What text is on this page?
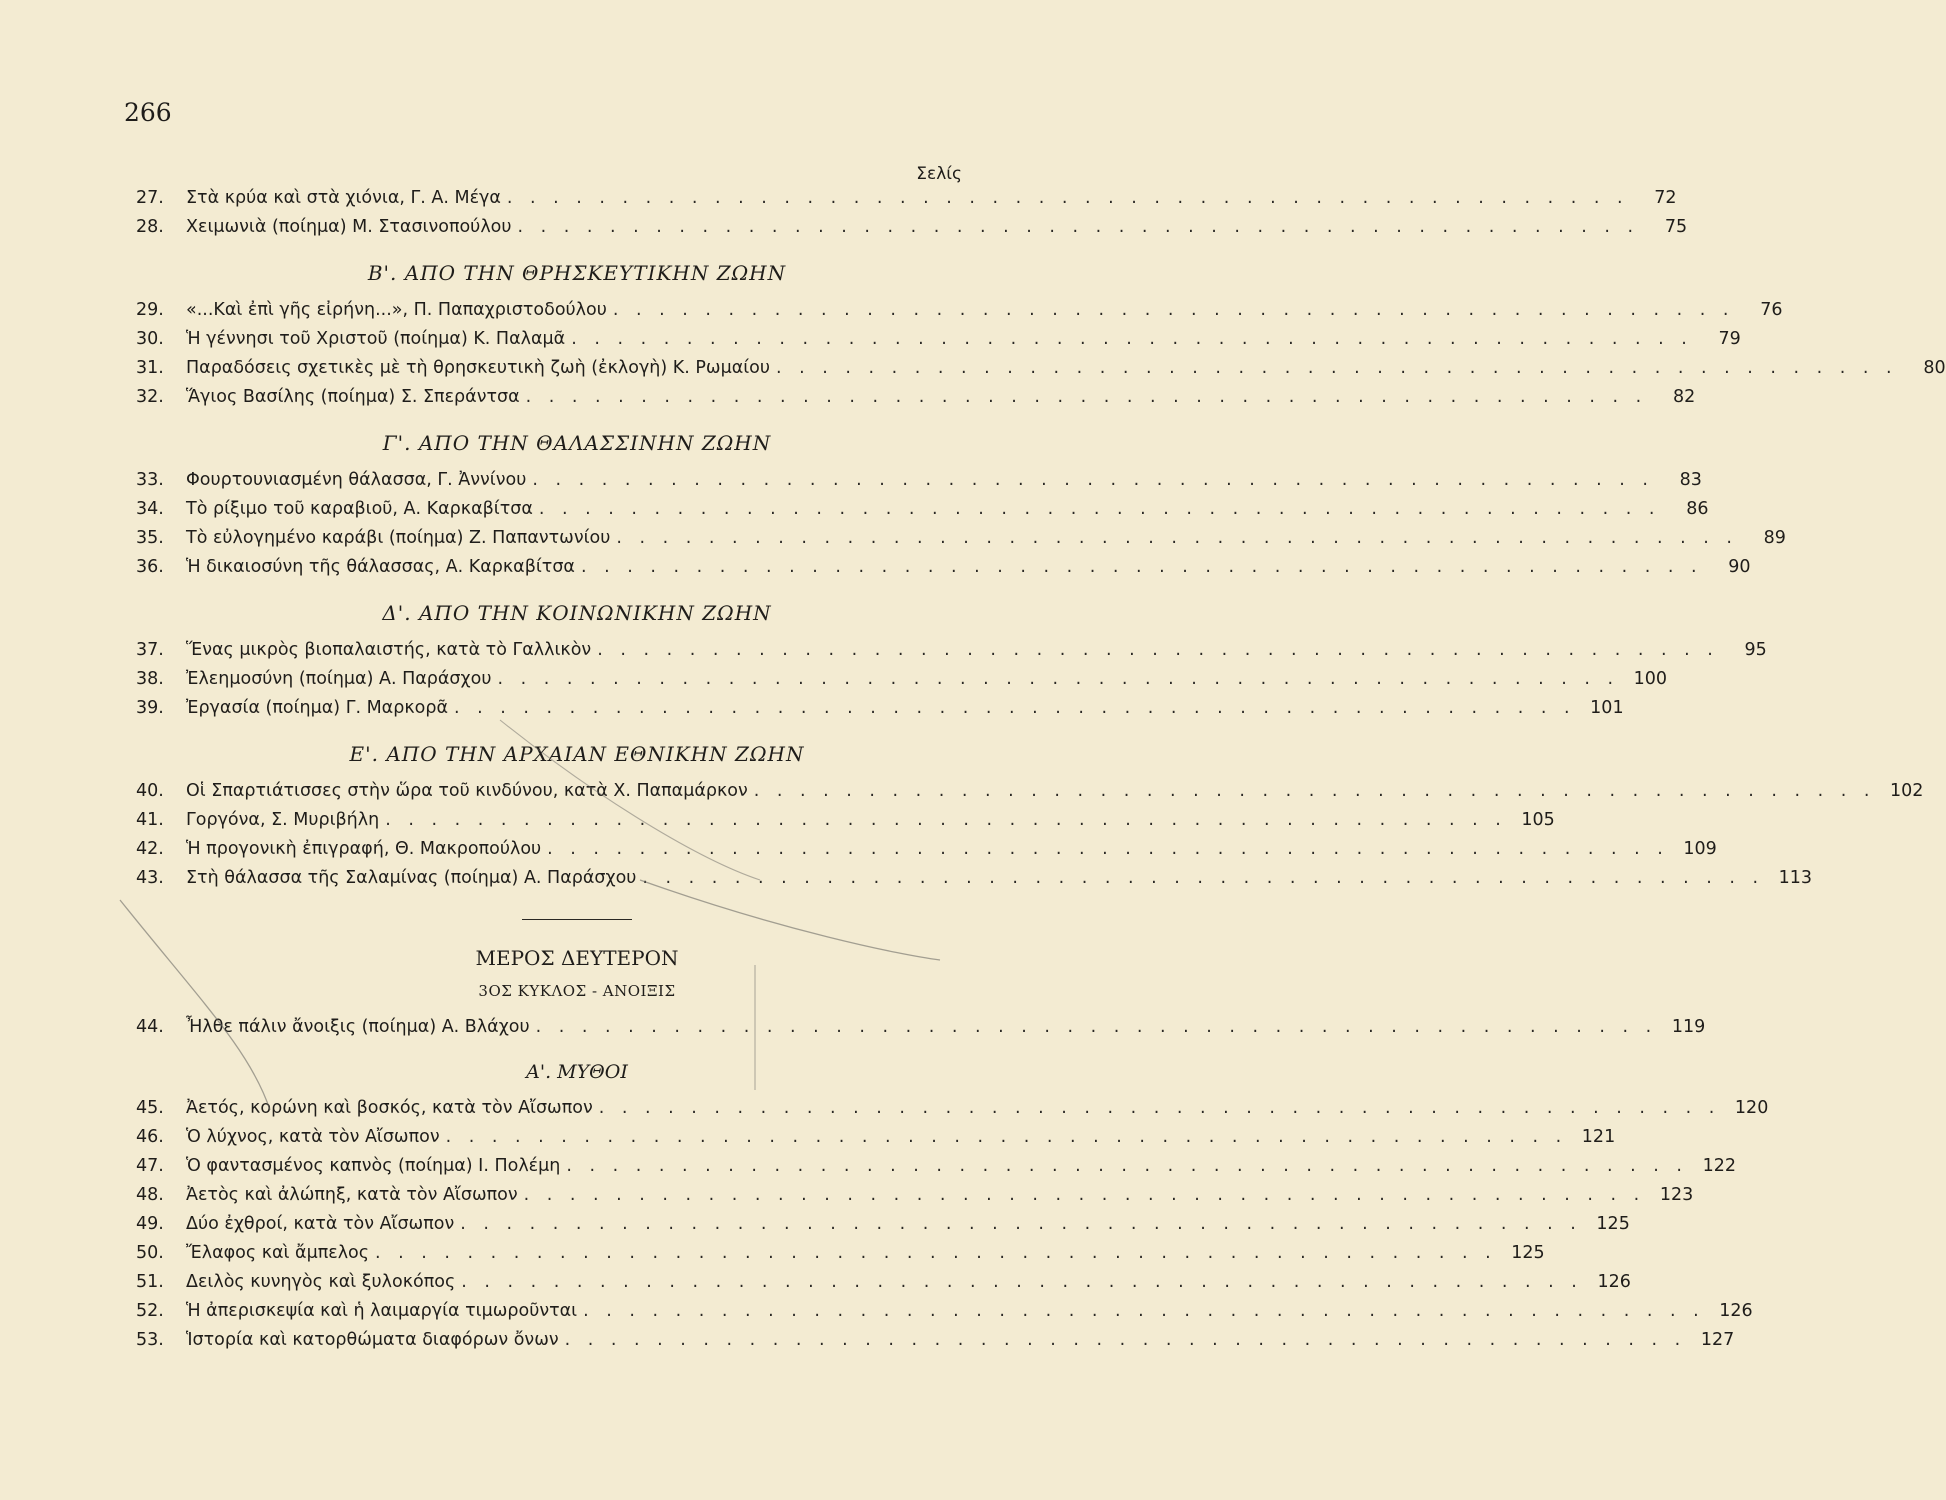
266
Σελίς
27.	Στὰ κρύα καὶ στὰ χιόνια, Γ. Α. Μέγα . . . . . . . . . . . . . . . . . . . . . . . . . . . . . . . . . . . . . . . . . . . . . . . . .	72
28.	Χειμωνιὰ (ποίημα) Μ. Στασινοπούλου . . . . . . . . . . . . . . . . . . . . . . . . . . . . . . . . . . . . . . . . . . . . . . . . .	75
Β'. ΑΠΟ ΤΗΝ ΘΡΗΣΚΕΥΤΙΚΗΝ ΖΩΗΝ
29.	«...Καὶ ἐπὶ γῆς εἰρήνη...», Π. Παπαχριστοδούλου . . . . . . . . . . . . . . . . . . . . . . . . . . . . . . . . . . . . . . . . . . . . . . . . .	76
30.	Ἡ γέννησι τοῦ Χριστοῦ (ποίημα) Κ. Παλαμᾶ . . . . . . . . . . . . . . . . . . . . . . . . . . . . . . . . . . . . . . . . . . . . . . . . .	79
31.	Παραδόσεις σχετικὲς μὲ τὴ θρησκευτικὴ ζωὴ (ἐκλογὴ) Κ. Ρωμαίου . . . . . . . . . . . . . . . . . . . . . . . . . . . . . . . . . . . . . . . . . . . . . . . . .	80
32.	Ἅγιος Βασίλης (ποίημα) Σ. Σπεράντσα . . . . . . . . . . . . . . . . . . . . . . . . . . . . . . . . . . . . . . . . . . . . . . . . .	82
Γ'. ΑΠΟ ΤΗΝ ΘΑΛΑΣΣΙΝΗΝ ΖΩΗΝ
33.	Φουρτουνιασμένη θάλασσα, Γ. Ἀννίνου . . . . . . . . . . . . . . . . . . . . . . . . . . . . . . . . . . . . . . . . . . . . . . . . .	83
34.	Τὸ ρίξιμο τοῦ καραβιοῦ, Α. Καρκαβίτσα . . . . . . . . . . . . . . . . . . . . . . . . . . . . . . . . . . . . . . . . . . . . . . . . .	86
35.	Τὸ εὐλογημένο καράβι (ποίημα) Ζ. Παπαντωνίου . . . . . . . . . . . . . . . . . . . . . . . . . . . . . . . . . . . . . . . . . . . . . . . . .	89
36.	Ἡ δικαιοσύνη τῆς θάλασσας, Α. Καρκαβίτσα . . . . . . . . . . . . . . . . . . . . . . . . . . . . . . . . . . . . . . . . . . . . . . . . .	90
Δ'. ΑΠΟ ΤΗΝ ΚΟΙΝΩΝΙΚΗΝ ΖΩΗΝ
37.	Ἕνας μικρὸς βιοπαλαιστής, κατὰ τὸ Γαλλικὸν . . . . . . . . . . . . . . . . . . . . . . . . . . . . . . . . . . . . . . . . . . . . . . . . .	95
38.	Ἐλεημοσύνη (ποίημα) Α. Παράσχου . . . . . . . . . . . . . . . . . . . . . . . . . . . . . . . . . . . . . . . . . . . . . . . . . 100
39.	Ἐργασία (ποίημα) Γ. Μαρκορᾶ . . . . . . . . . . . . . . . . . . . . . . . . . . . . . . . . . . . . . . . . . . . . . . . . . 101
Ε'. ΑΠΟ ΤΗΝ ΑΡΧΑΙΑΝ ΕΘΝΙΚΗΝ ΖΩΗΝ
40.	Οἱ Σπαρτιάτισσες στὴν ὥρα τοῦ κινδύνου, κατὰ Χ. Παπαμάρκον . . . . . . . . . . . . . . . . . . . . . . . . . . . . . . . . . . . . . . . . . . . . . . . . . 102
41.	Γοργόνα, Σ. Μυριβήλη . . . . . . . . . . . . . . . . . . . . . . . . . . . . . . . . . . . . . . . . . . . . . . . . . 105
42.	Ἡ προγονικὴ ἐπιγραφή, Θ. Μακροπούλου . . . . . . . . . . . . . . . . . . . . . . . . . . . . . . . . . . . . . . . . . . . . . . . . . 109
43.	Στὴ θάλασσα τῆς Σαλαμίνας (ποίημα) Α. Παράσχου . . . . . . . . . . . . . . . . . . . . . . . . . . . . . . . . . . . . . . . . . . . . . . . . . 113
ΜΕΡΟΣ ΔΕΥΤΕΡΟΝ
3ΟΣ ΚΥΚΛΟΣ - ΑΝΟΙΞΙΣ
44.	Ἦλθε πάλιν ἄνοιξις (ποίημα) Α. Βλάχου . . . . . . . . . . . . . . . . . . . . . . . . . . . . . . . . . . . . . . . . . . . . . . . . . 119
Α'. ΜΥΘΟΙ
45.	Ἀετός, κορώνη καὶ βοσκός, κατὰ τὸν Αἴσωπον . . . . . . . . . . . . . . . . . . . . . . . . . . . . . . . . . . . . . . . . . . . . . . . . . 120
46.	Ὁ λύχνος, κατὰ τὸν Αἴσωπον . . . . . . . . . . . . . . . . . . . . . . . . . . . . . . . . . . . . . . . . . . . . . . . . . 121
47.	Ὁ φαντασμένος καπνὸς (ποίημα) Ι. Πολέμη . . . . . . . . . . . . . . . . . . . . . . . . . . . . . . . . . . . . . . . . . . . . . . . . . 122
48.	Ἀετὸς καὶ ἀλώπηξ, κατὰ τὸν Αἴσωπον . . . . . . . . . . . . . . . . . . . . . . . . . . . . . . . . . . . . . . . . . . . . . . . . . 123
49.	Δύο ἐχθροί, κατὰ τὸν Αἴσωπον . . . . . . . . . . . . . . . . . . . . . . . . . . . . . . . . . . . . . . . . . . . . . . . . . 125
50.	Ἔλαφος καὶ ἄμπελος . . . . . . . . . . . . . . . . . . . . . . . . . . . . . . . . . . . . . . . . . . . . . . . . . 125
51.	Δειλὸς κυνηγὸς καὶ ξυλοκόπος . . . . . . . . . . . . . . . . . . . . . . . . . . . . . . . . . . . . . . . . . . . . . . . . . 126
52.	Ἡ ἀπερισκεψία καὶ ἡ λαιμαργία τιμωροῦνται . . . . . . . . . . . . . . . . . . . . . . . . . . . . . . . . . . . . . . . . . . . . . . . . . 126
53.	Ἱστορία καὶ κατορθώματα διαφόρων ὄνων . . . . . . . . . . . . . . . . . . . . . . . . . . . . . . . . . . . . . . . . . . . . . . . . . 127
